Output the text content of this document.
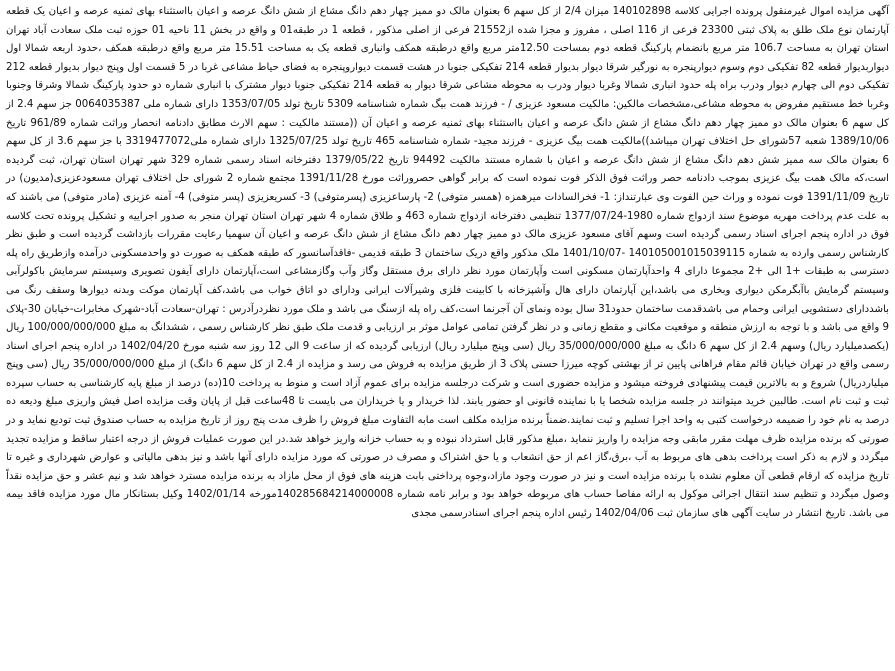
آگهی مزایده اموال غیرمنقول پرونده اجرایی کلاسه 140102898 میزان 2/4 از کل سهم 6 بعنوان مالک دو ممیز چهار دهم دانگ مشاع از شش دانگ عرصه و اعیان بااستثناء بهای ثمنیه عرصه و اعیان یک قطعه آپارتمان نوع ملک طلق به پلاک ثبتی 23300 فرعی از 116 اصلی ، مفروز و مجزا شده از21552 فرعی از اصلی مذکور ، قطعه 1 در طبقه01 و واقع در بخش 11 ناحیه 01 حوزه ثبت ملک سعادت آباد تهران استان تهران به مساحت 106.7 متر مربع بانضمام پارکینگ قطعه دوم بمساحت 12.50متر مربع واقع درطبقه همکف وانباری قطعه یک به مساحت 15.51 متر مربع واقع درطبقه همکف ،حدود اربعه شمالا اول دیواربدیوار قطعه 82 تفکیکی دوم وسوم دیوارپنجره به نورگیر شرقا دیوار بدیوار قطعه 214 تفکیکی جنوبا در هشت قسمت دیواروپنجره به فضای حیاط مشاعی غربا در 5 قسمت اول وپنج دیوار بدیوار قطعه 212 تفکیکی دوم الی چهارم دیوار ودرب براه پله حدود انباری شمالا وغربا دیوار ودرب به محوطه مشاعی شرقا دیوار به قطعه 214 تفکیکی جنوبا دیوار مشترک با انباری شماره دو حدود پارکینگ شمالا وشرقا وجنوبا وغربا خط مستقیم مفروض به محوطه مشاعی،مشخصات مالکین: مالکیت مسعود عزیزی / - فرزند همت بیگ شماره شناسنامه 5309 تاریخ تولد 1353/07/05 دارای شماره ملی 0064035387 جز سهم 2.4 از کل سهم 6 بعنوان مالک دو ممیز چهار دهم دانگ مشاع از شش دانگ عرصه و اعیان بااستثناء بهای ثمنیه عرصه و اعیان آن ((مستند مالکیت : سهم الارث مطابق دادنامه انحصار وراثت شماره 961/89 تاریخ 1389/10/06 شعبه 57شورای حل اختلاف تهران میباشد))مالکیت همت بیگ عزیزی - فرزند مجید- شماره شناسنامه 465 تاریخ تولد 1325/07/25 دارای شماره ملی3319477072 با جز سهم 3.6 از کل سهم 6 بعنوان مالک سه ممیز شش دهم دانگ مشاع از شش دانگ عرصه و اعیان با شماره مستند مالکیت 94492 تاریخ 1379/05/22 دفترخانه اسناد رسمی شماره 329 شهر تهران استان تهران، ثبت گردیده است،که مالک همت بیگ عزیزی بموجب دادنامه حصر وراثت فوق الذکر فوت نموده است که برابر گواهی حصروراثت مورخ 1391/11/28 مجتمع شماره 2 شورای حل اختلاف تهران مسعودعزیزی(مدیون) در تاریخ 1391/11/09 فوت نموده و وراث حین الفوت وی عبارتنداز: 1- فخرالسادات میرهمزه (همسر متوفی) 2- پارساعزیزی (پسرمتوفی) 3- کسریعزیزی (پسر متوفی) 4- آمنه عزیزی (مادر متوفی) می باشند که به علت عدم پرداخت مهریه موضوع سند ازدواج شماره 1980-1377/07/24 تنظیمی دفترخانه ازدواج شماره 463 و طلاق شماره 4 شهر تهران استان تهران منجر به صدور اجراییه و تشکیل پرونده تحت کلاسه فوق در اداره پنجم اجرای اسناد رسمی گردیده است وسهم آقای مسعود عزیزی مالک دو ممیز چهار دهم دانگ مشاع از شش دانگ عرصه و اعیان آن سهمیا رعایت مقررات بازداشت گردیده است و طبق نظر کارشناس رسمی وارده به شماره 140105001015039115 -1401/10/07 ملک مذکور واقع دریک ساختمان 3 طبقه قدیمی -فاقدآسانسور که طبقه همکف به صورت دو واحدمسکونی درآمده وازطریق راه پله دسترسی به طبقات +1 الی +2 مجموعا دارای 4 واحدآپارتمان مسکونی است وآپارتمان مورد نظر دارای برق مستقل وگاز وآب وگازمشاعی است،آپارتمان دارای آیفون تصویری وسیستم سرمایش باکولرآبی وسیستم گرمایش باآبگرمکن دیواری وبخاری می باشد،این آپارتمان دارای هال وآشپزخانه با کابینت فلزی وشیرآلات ایرانی ودارای دو اتاق خواب می باشد،کف آپارتمان موکت وبدنه دیوارها وسقف رنگ می باشددارای دستشویی ایرانی وحمام می باشدقدمت ساختمان حدود31 سال بوده ونمای آن آجرنما است،کف راه پله ازسنگ می باشد و ملک مورد نظردرآدرس : تهران-سعادت آباد-شهرک مخابرات-خیابان 30-پلاک 9 واقع می باشد و با توجه به ارزش منطقه و موقعیت مکانی و مقطع زمانی و در نظر گرفتن تمامی عوامل موثر بر ارزیابی و قدمت ملک طبق نظر کارشناس رسمی ، ششدانگ به مبلغ 100/000/000/000 ریال (یکصدمیلیارد ریال) وسهم 2.4 از کل سهم 6 دانگ به مبلغ 35/000/000/000 ریال (سی وپنج میلیارد ریال) ارزیابی گردیده که از ساعت 9 الی 12 روز سه شنبه مورخ 1402/04/20 در اداره پنجم اجرای اسناد رسمی واقع در تهران خیابان قائم مقام فراهانی پایین تر از بهشتی کوچه میرزا حسنی پلاک 3 از طریق مزایده به فروش می رسد و مزایده از 2.4 از کل سهم 6 دانگ) از مبلغ 35/000/000/000 ریال (سی وپنج میلیاردریال) شروع و به بالاترین قیمت پیشنهادی فروخته میشود و مزایده حضوری است و شرکت درجلسه مزایده برای عموم آزاد است و منوط به پرداخت 10(ده) درصد از مبلغ پایه کارشناسی به حساب سپرده ثبت و ثبت نام است. طالبین خرید میتوانند در جلسه مزایده شخصا یا با نماینده قانونی او حضور یابند. لذا خریدار و یا خریداران می بایست تا 48ساعت قبل از پایان وقت مزایده اصل فیش واریزی مبلغ ودیعه ده درصد به نام خود را ضمیمه درخواست کتبی به واحد اجرا تسلیم و ثبت نمایند.ضمناً برنده مزایده مکلف است مابه التفاوت مبلغ فروش را ظرف مدت پنج روز از تاریخ مزایده به حساب صندوق ثبت تودیع نماید و در صورتی که برنده مزایده ظرف مهلت مقرر مابقی وجه مزایده را واریز ننماید ،مبلغ مذکور قابل استرداد نبوده و به حساب خزانه واریز خواهد شد.در این صورت عملیات فروش از درجه اعتبار ساقط و مزایده تجدید میگردد و لازم به ذکر است پرداخت بدهی های مربوط به آب ،برق،گاز اعم از حق انشعاب و یا حق اشتراک و مصرف در صورتی که مورد مزایده دارای آنها باشد و نیز بدهی مالیاتی و عوارض شهرداری و غیره تا تاریخ مزایده که ارقام قطعی آن معلوم نشده با برنده مزایده است و نیز در صورت وجود مازاد،وجوه پرداختی بابت هزینه های فوق از محل مازاد به برنده مزایده مسترد خواهد شد و نیم عشر و حق مزایده نقداً وصول میگردد و تنظیم سند انتقال اجرائی موکول به ارائه مفاصا حساب های مربوطه خواهد بود و برابر نامه شماره 140285684214000008مورخه 1402/01/14 وکیل بستانکار مال مورد مزایده فاقد بیمه می باشد. تاریخ انتشار در سایت آگهی های سازمان ثبت 1402/04/06 رئیس اداره پنجم اجرای اسنادرسمی مجدی
